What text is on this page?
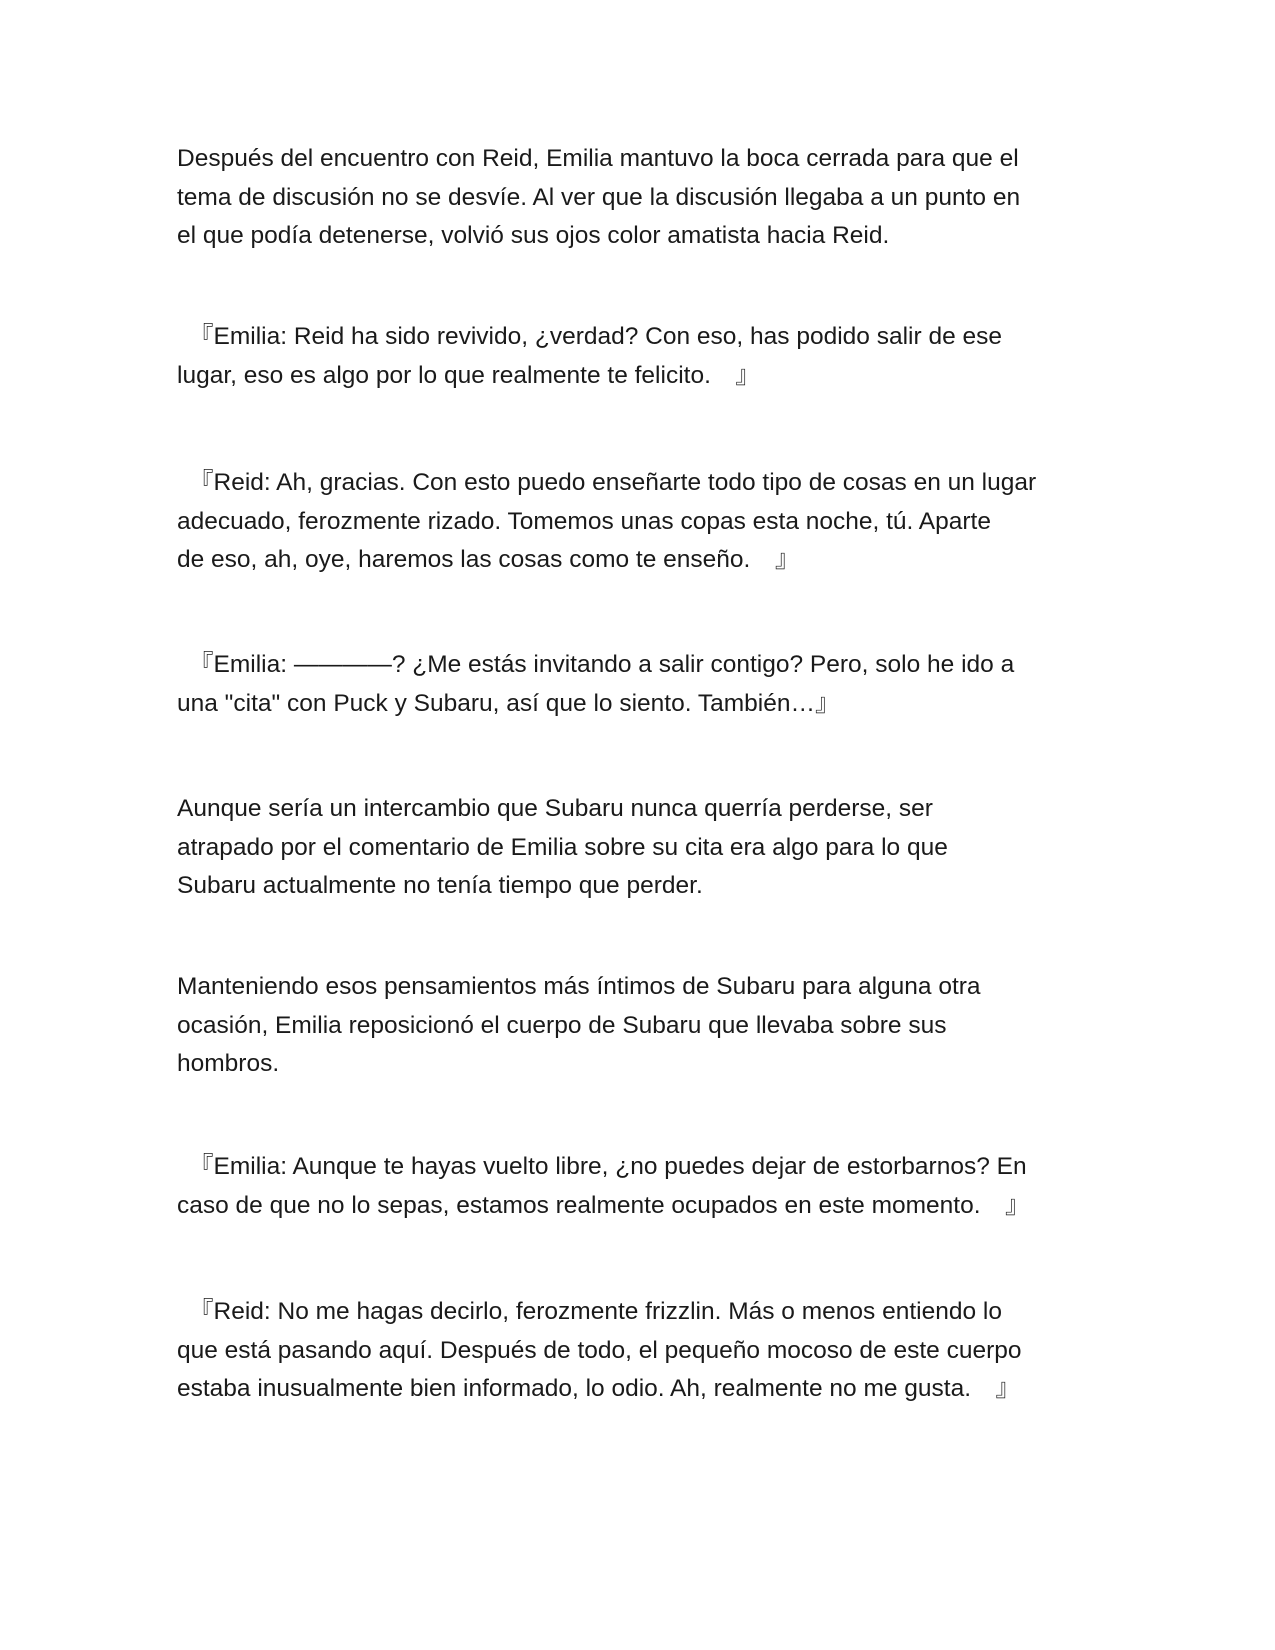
Después del encuentro con Reid, Emilia mantuvo la boca cerrada para que el
tema de discusión no se desvíe. Al ver que la discusión llegaba a un punto en
el que podía detenerse, volvió sus ojos color amatista hacia Reid.

『Emilia: Reid ha sido revivido, ¿verdad? Con eso, has podido salir de ese
lugar, eso es algo por lo que realmente te felicito.　』

『Reid: Ah, gracias. Con esto puedo enseñarte todo tipo de cosas en un lugar
adecuado, ferozmente rizado. Tomemos unas copas esta noche, tú. Aparte
de eso, ah, oye, haremos las cosas como te enseño.　』

『Emilia: ————? ¿Me estás invitando a salir contigo? Pero, solo he ido a
una "cita" con Puck y Subaru, así que lo siento. También…』

Aunque sería un intercambio que Subaru nunca querría perderse, ser
atrapado por el comentario de Emilia sobre su cita era algo para lo que
Subaru actualmente no tenía tiempo que perder.

Manteniendo esos pensamientos más íntimos de Subaru para alguna otra
ocasión, Emilia reposicionó el cuerpo de Subaru que llevaba sobre sus
hombros.

『Emilia: Aunque te hayas vuelto libre, ¿no puedes dejar de estorbarnos? En
caso de que no lo sepas, estamos realmente ocupados en este momento.　』

『Reid: No me hagas decirlo, ferozmente frizzlin. Más o menos entiendo lo
que está pasando aquí. Después de todo, el pequeño mocoso de este cuerpo
estaba inusualmente bien informado, lo odio. Ah, realmente no me gusta.　』
